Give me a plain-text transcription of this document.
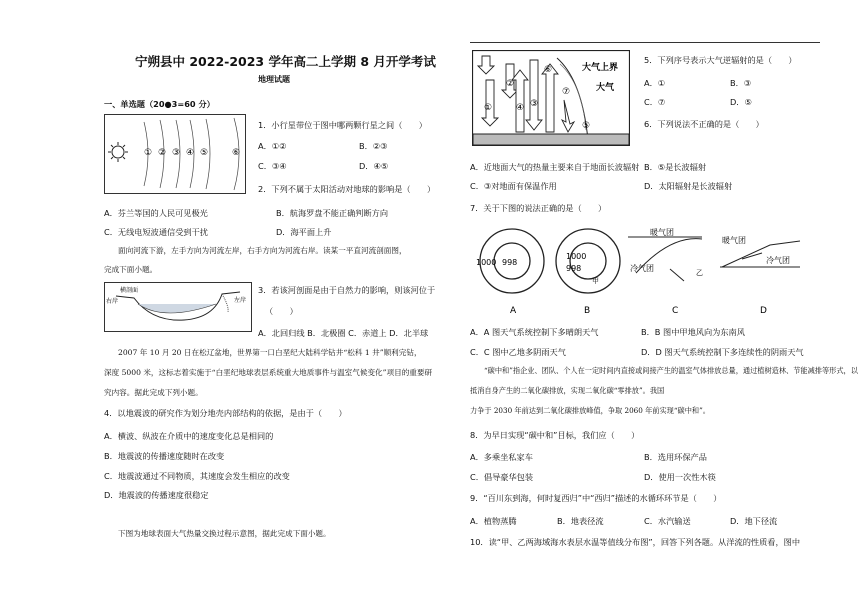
宁朔县中 2022-2023 学年高二上学期 8 月开学考试
地理试题
一、单选题（20●3=60 分）
① ② ③ ④ ⑤	⑥
1．小行星带位于图中哪两颗行星之间（　　）
A．①②	B．②③
C．③④	D．④⑤
2．下列不属于太阳活动对地球的影响是（　　）
A．芬兰等国的人民可见极光	B．航海罗盘不能正确判断方向
C．无线电短波通信受到干扰	D．海平面上升
面向河流下游，左手方向为河流左岸，右手方向为河流右岸。读某一平直河流剖面图，
完成下面小题。
横剖面
右岸	左岸
3．若该河剖面是由于自然力的影响，则该河位于
（　　）
A．北回归线 B．北极圈 C．赤道上 D．北半球
2007 年 10 月 20 日在松辽盆地，世界第一口白垩纪大陆科学钻井“松科 1 井”顺利完钻，
深度 5000 米，这标志着实施于“白垩纪地球表层系统重大地质事件与温室气候变化”项目的重要研
究内容。据此完成下列小题。
4．以地震波的研究作为划分地壳内部结构的依据，是由于（　　）
A．横波、纵波在介质中的速度变化总是相同的
B．地震波的传播速度随时在改变
C．地震波通过不同物质，其速度会发生相应的改变
D．地震波的传播速度很稳定
下图为地球表面大气热量交换过程示意图，据此完成下面小题。
①
②
③
④
⑤
⑥
⑦
大气上界
大气
5．下列序号表示大气逆辐射的是（　　）
A．①	B．③
C．⑦	D．⑤
6．下列说法不正确的是（　　）
A．近地面大气的热量主要来自于地面长波辐射 B．⑤是长波辐射
C．③对地面有保温作用	D．太阳辐射是长波辐射
7．关于下图的说法正确的是（　　）
1000 998
1000
998
甲
暖气团
冷气团	乙
暖气团
冷气团
A	B	C	D
A．A 图天气系统控制下多晴朗天气	B．B 图中甲地风向为东南风
C．C 图中乙地多阴雨天气	D．D 图天气系统控制下多连续性的阴雨天气
“碳中和”指企业、团队、个人在一定时间内直接或间接产生的温室气体排放总量，通过植树造林、节能减排等形式，以
抵消自身产生的二氧化碳排放，实现二氧化碳“零排放”。我国
力争于 2030 年前达到二氧化碳排放峰值，争取 2060 年前实现“碳中和”。
8．为早日实现“碳中和”目标，我们应（　　）
A．多乘坐私家车	B．选用环保产品
C．倡导豪华包装	D．使用一次性木筷
9．“百川东到海，何时复西归”中“西归”描述的水循环环节是（　　）
A．植物蒸腾	B．地表径流	C．水汽输送	D．地下径流
10．读“甲、乙两海域海水表层水温等值线分布图”，回答下列各题。从洋流的性质看，图中
